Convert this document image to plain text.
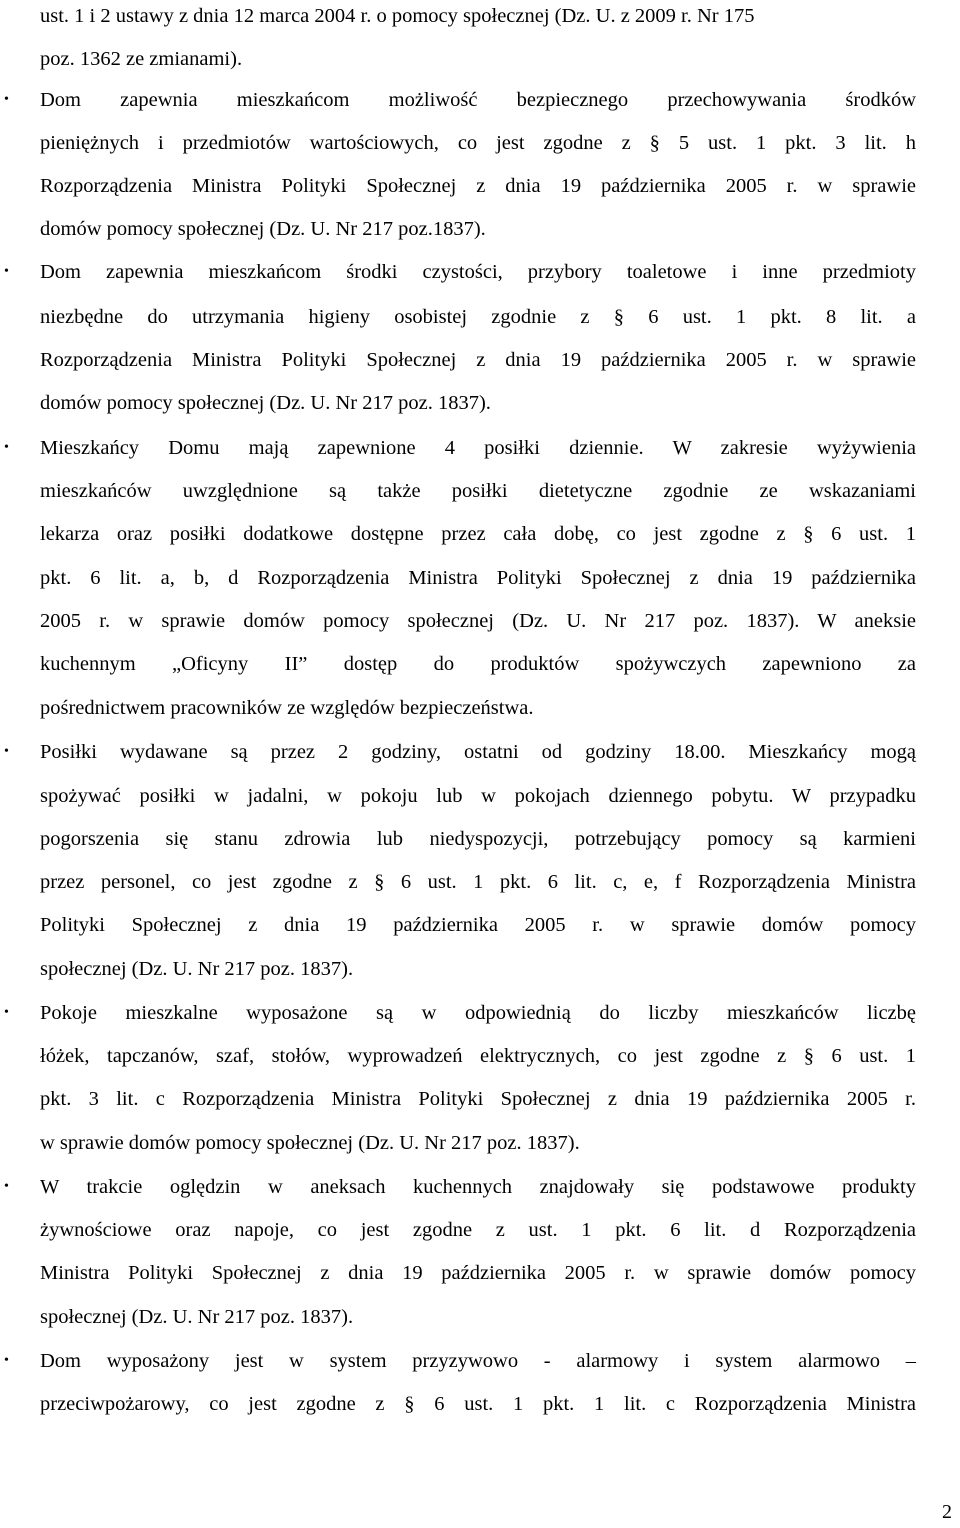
ust. 1 i 2 ustawy z dnia 12 marca 2004 r. o pomocy społecznej (Dz. U. z 2009 r. Nr 175
poz. 1362 ze zmianami).
•	Dom zapewnia mieszkańcom możliwość bezpiecznego przechowywania środków
pieniężnych i przedmiotów wartościowych, co jest zgodne z § 5 ust. 1 pkt. 3 lit. h
Rozporządzenia Ministra Polityki Społecznej z dnia 19 października 2005 r. w sprawie
domów pomocy społecznej (Dz. U. Nr 217 poz.1837).
•	Dom zapewnia mieszkańcom środki czystości, przybory toaletowe i inne przedmioty
niezbędne do utrzymania higieny osobistej zgodnie z § 6 ust. 1 pkt. 8 lit. a
Rozporządzenia Ministra Polityki Społecznej z dnia 19 października 2005 r. w sprawie
domów pomocy społecznej (Dz. U. Nr 217 poz. 1837).
•	Mieszkańcy Domu mają zapewnione 4 posiłki dziennie. W zakresie wyżywienia
mieszkańców uwzględnione są także posiłki dietetyczne zgodnie ze wskazaniami
lekarza oraz posiłki dodatkowe dostępne przez cała dobę, co jest zgodne z § 6 ust. 1
pkt. 6 lit. a, b, d Rozporządzenia Ministra Polityki Społecznej z dnia 19 października
2005 r. w sprawie domów pomocy społecznej (Dz. U. Nr 217 poz. 1837). W aneksie
kuchennym „Oficyny II” dostęp do produktów spożywczych zapewniono za
pośrednictwem pracowników ze względów bezpieczeństwa.
•	Posiłki wydawane są przez 2 godziny, ostatni od godziny 18.00. Mieszkańcy mogą
spożywać posiłki w jadalni, w pokoju lub w pokojach dziennego pobytu. W przypadku
pogorszenia się stanu zdrowia lub niedyspozycji, potrzebujący pomocy są karmieni
przez personel, co jest zgodne z § 6 ust. 1 pkt. 6 lit. c, e, f Rozporządzenia Ministra
Polityki Społecznej z dnia 19 października 2005 r. w sprawie domów pomocy
społecznej (Dz. U. Nr 217 poz. 1837).
•	Pokoje mieszkalne wyposażone są w odpowiednią do liczby mieszkańców liczbę
łóżek, tapczanów, szaf, stołów, wyprowadzeń elektrycznych, co jest zgodne z § 6 ust. 1
pkt. 3 lit. c Rozporządzenia Ministra Polityki Społecznej z dnia 19 października 2005 r.
w sprawie domów pomocy społecznej (Dz. U. Nr 217 poz. 1837).
•	W trakcie oględzin w aneksach kuchennych znajdowały się podstawowe produkty
żywnościowe oraz napoje, co jest zgodne z ust. 1 pkt. 6 lit. d Rozporządzenia
Ministra Polityki Społecznej z dnia 19 października 2005 r. w sprawie domów pomocy
społecznej (Dz. U. Nr 217 poz. 1837).
•	Dom wyposażony jest w system przyzywowo - alarmowy i system alarmowo –
przeciwpożarowy, co jest zgodne z § 6 ust. 1 pkt. 1 lit. c Rozporządzenia Ministra
2
